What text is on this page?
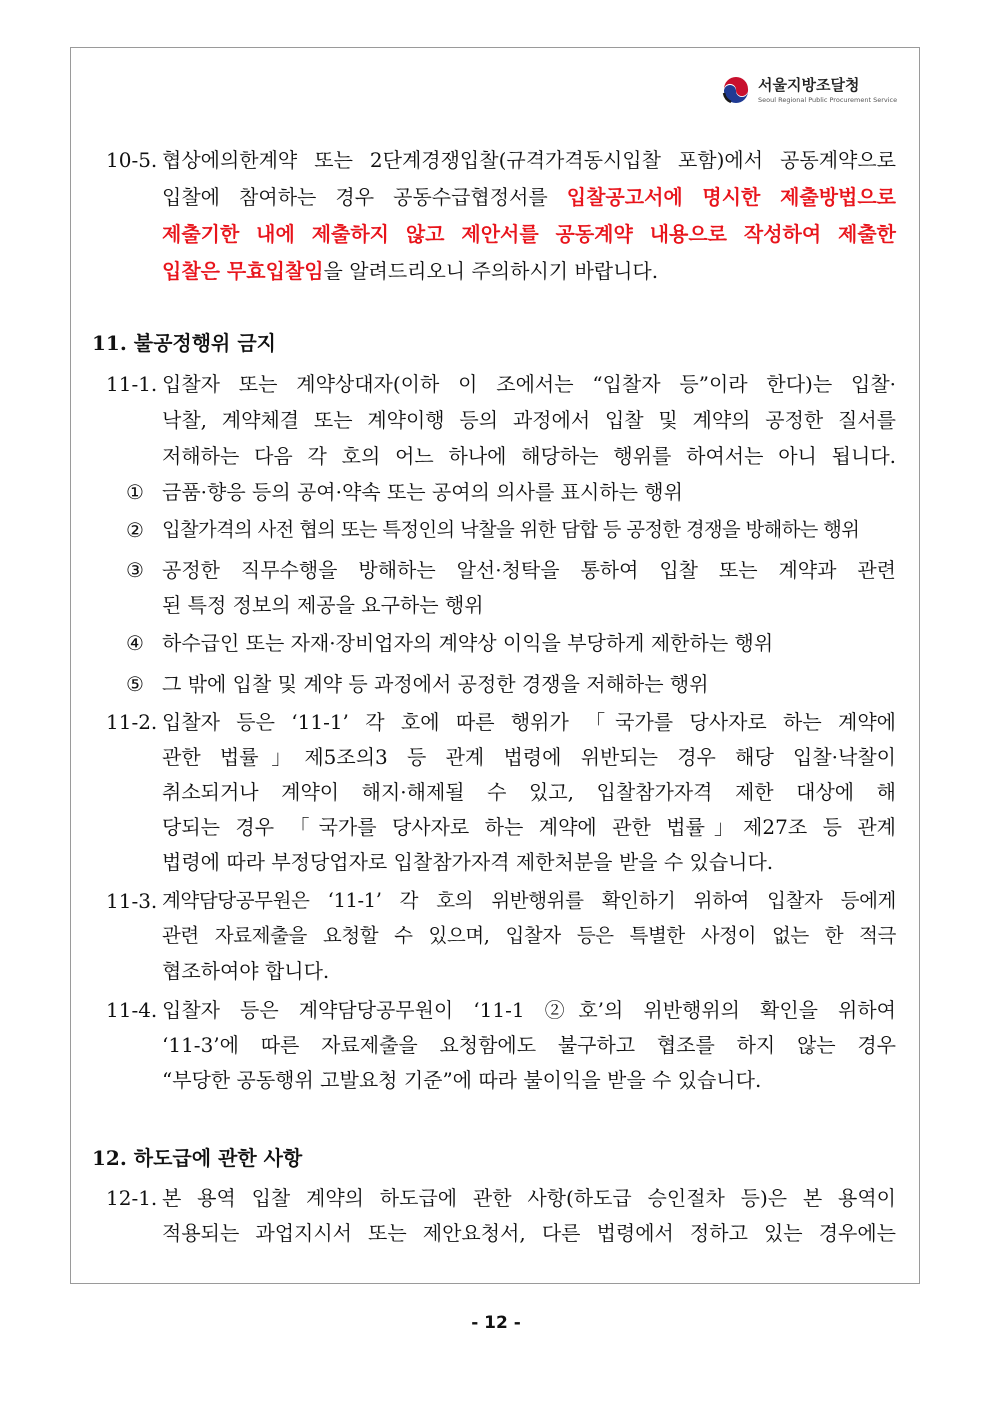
서울지방조달청
Seoul Regional Public Procurement Service
10-5. 협상에의한계약 또는 2단계경쟁입찰(규격가격동시입찰 포함)에서 공동계약으로
입찰에 참여하는 경우 공동수급협정서를 입찰공고서에 명시한 제출방법으로
제출기한 내에 제출하지 않고 제안서를 공동계약 내용으로 작성하여 제출한
입찰은 무효입찰임을 알려드리오니 주의하시기 바랍니다.
11. 불공정행위 금지
11-1. 입찰자 또는 계약상대자(이하 이 조에서는 “입찰자 등”이라 한다)는 입찰·
낙찰, 계약체결 또는 계약이행 등의 과정에서 입찰 및 계약의 공정한 질서를
저해하는 다음 각 호의 어느 하나에 해당하는 행위를 하여서는 아니 됩니다.
① 금품·향응 등의 공여·약속 또는 공여의 의사를 표시하는 행위
② 입찰가격의 사전 협의 또는 특정인의 낙찰을 위한 담합 등 공정한 경쟁을 방해하는 행위
③ 공정한 직무수행을 방해하는 알선·청탁을 통하여 입찰 또는 계약과 관련
된 특정 정보의 제공을 요구하는 행위
④ 하수급인 또는 자재·장비업자의 계약상 이익을 부당하게 제한하는 행위
⑤ 그 밖에 입찰 및 계약 등 과정에서 공정한 경쟁을 저해하는 행위
11-2. 입찰자 등은 ‘11-1’ 각 호에 따른 행위가 「국가를 당사자로 하는 계약에
관한 법률」제5조의3 등 관계 법령에 위반되는 경우 해당 입찰·낙찰이
취소되거나 계약이 해지·해제될 수 있고, 입찰참가자격 제한 대상에 해
당되는 경우 「국가를 당사자로 하는 계약에 관한 법률」제27조 등 관계
법령에 따라 부정당업자로 입찰참가자격 제한처분을 받을 수 있습니다.
11-3. 계약담당공무원은 ‘11-1’ 각 호의 위반행위를 확인하기 위하여 입찰자 등에게
관련 자료제출을 요청할 수 있으며, 입찰자 등은 특별한 사정이 없는 한 적극
협조하여야 합니다.
11-4. 입찰자 등은 계약담당공무원이 ‘11-1 ②호’의 위반행위의 확인을 위하여
‘11-3’에 따른 자료제출을 요청함에도 불구하고 협조를 하지 않는 경우
“부당한 공동행위 고발요청 기준”에 따라 불이익을 받을 수 있습니다.
12. 하도급에 관한 사항
12-1. 본 용역 입찰 계약의 하도급에 관한 사항(하도급 승인절차 등)은 본 용역이
적용되는 과업지시서 또는 제안요청서, 다른 법령에서 정하고 있는 경우에는
- 12 -
